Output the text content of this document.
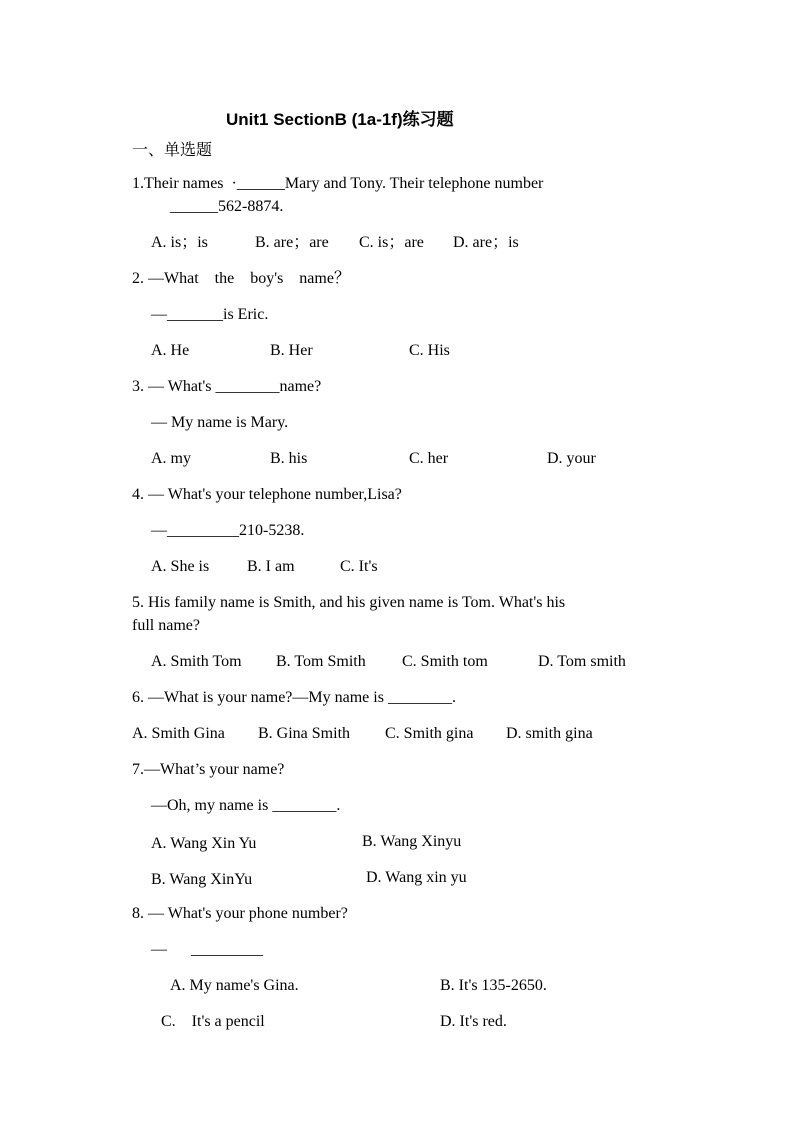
Unit1 SectionB (1a-1f)练习题
一、单选题
1.Their names  ·______Mary and Tony. Their telephone number
______562-8874.
A. is；is	B. are；are C. is；are D. are；is
2. —What    the    boy's    name？
—_______is Eric.
A. He	B. Her	C. His
3. — What's ________name?
— My name is Mary.
A. my	B. his	C. her	D. your
4. — What's your telephone number,Lisa?
—_________210-5238.
A. She is B. I am	C. It's
5. His family name is Smith, and his given name is Tom. What's his
full name?
A. Smith Tom B. Tom Smith C. Smith tom	D. Tom smith
6. —What is your name?—My name is ________.
A. Smith Gina B. Gina Smith C. Smith gina D. smith gina
7.—What’s your name?
—Oh, my name is ________.
A. Wang Xin Yu	B. Wang Xinyu
B. Wang XinYu	D. Wang xin yu
8. — What's your phone number?
—      _________
A. My name's Gina.	B. It's 135-2650.
C.    It's a pencil	D. It's red.
